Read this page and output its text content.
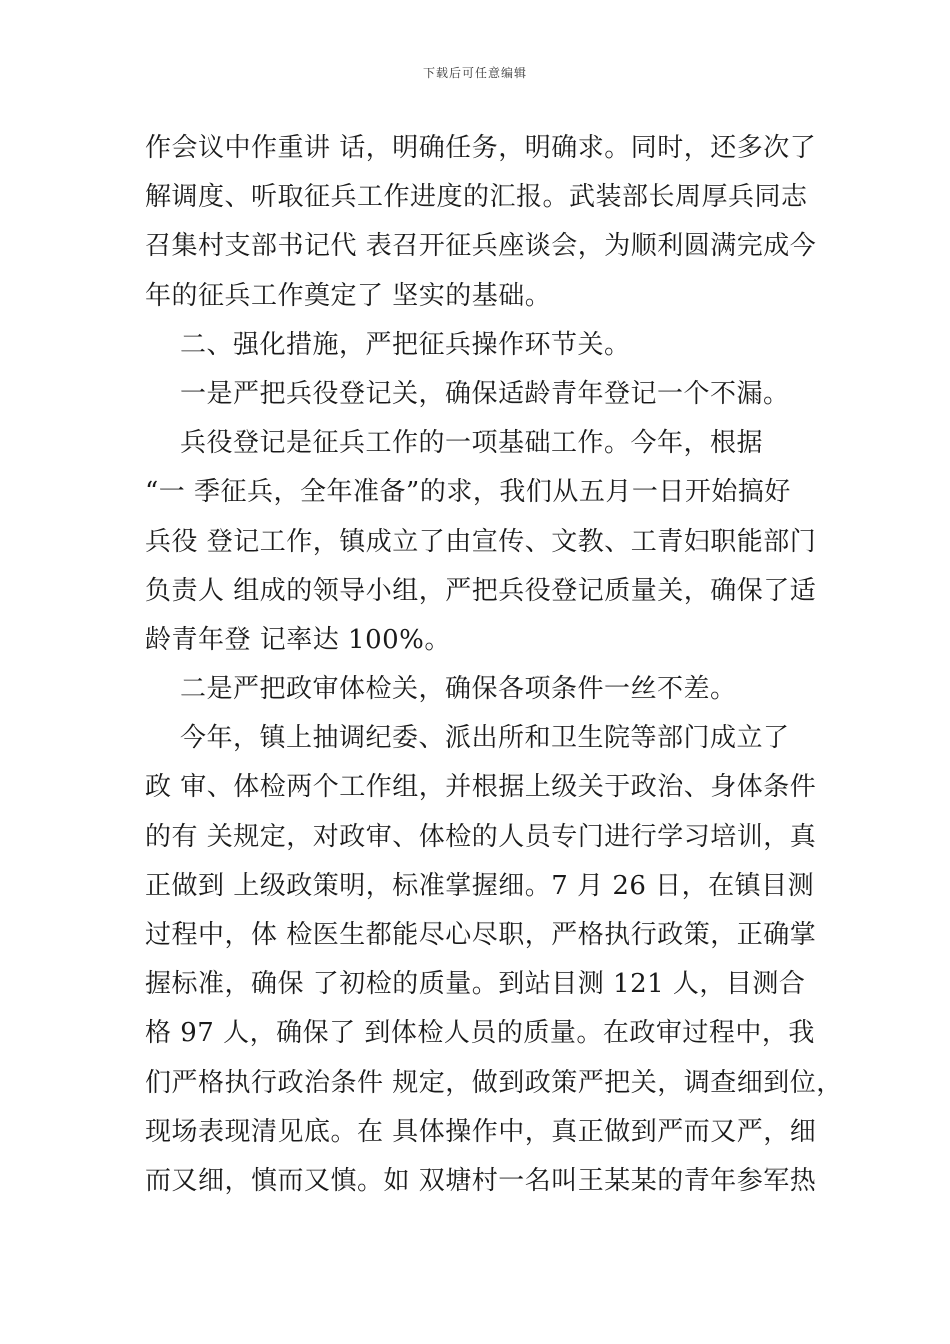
下载后可任意编辑
作会议中作重讲 话，明确任务，明确求。同时，还多次了
解调度、听取征兵工作进度的汇报。武装部长周厚兵同志
召集村支部书记代 表召开征兵座谈会，为顺利圆满完成今
年的征兵工作奠定了 坚实的基础。
二、强化措施，严把征兵操作环节关。
一是严把兵役登记关，确保适龄青年登记一个不漏。
兵役登记是征兵工作的一项基础工作。今年，根据
“一 季征兵，全年准备”的求，我们从五月一日开始搞好
兵役 登记工作，镇成立了由宣传、文教、工青妇职能部门
负责人 组成的领导小组，严把兵役登记质量关，确保了适
龄青年登 记率达 100%。
二是严把政审体检关，确保各项条件一丝不差。
今年，镇上抽调纪委、派出所和卫生院等部门成立了
政 审、体检两个工作组，并根据上级关于政治、身体条件
的有 关规定，对政审、体检的人员专门进行学习培训，真
正做到 上级政策明，标准掌握细。7 月 26 日，在镇目测
过程中，体 检医生都能尽心尽职，严格执行政策，正确掌
握标准，确保 了初检的质量。到站目测 121 人，目测合
格 97 人，确保了 到体检人员的质量。在政审过程中，我
们严格执行政治条件 规定，做到政策严把关，调查细到位，
现场表现清见底。在 具体操作中，真正做到严而又严，细
而又细，慎而又慎。如 双塘村一名叫王某某的青年参军热
